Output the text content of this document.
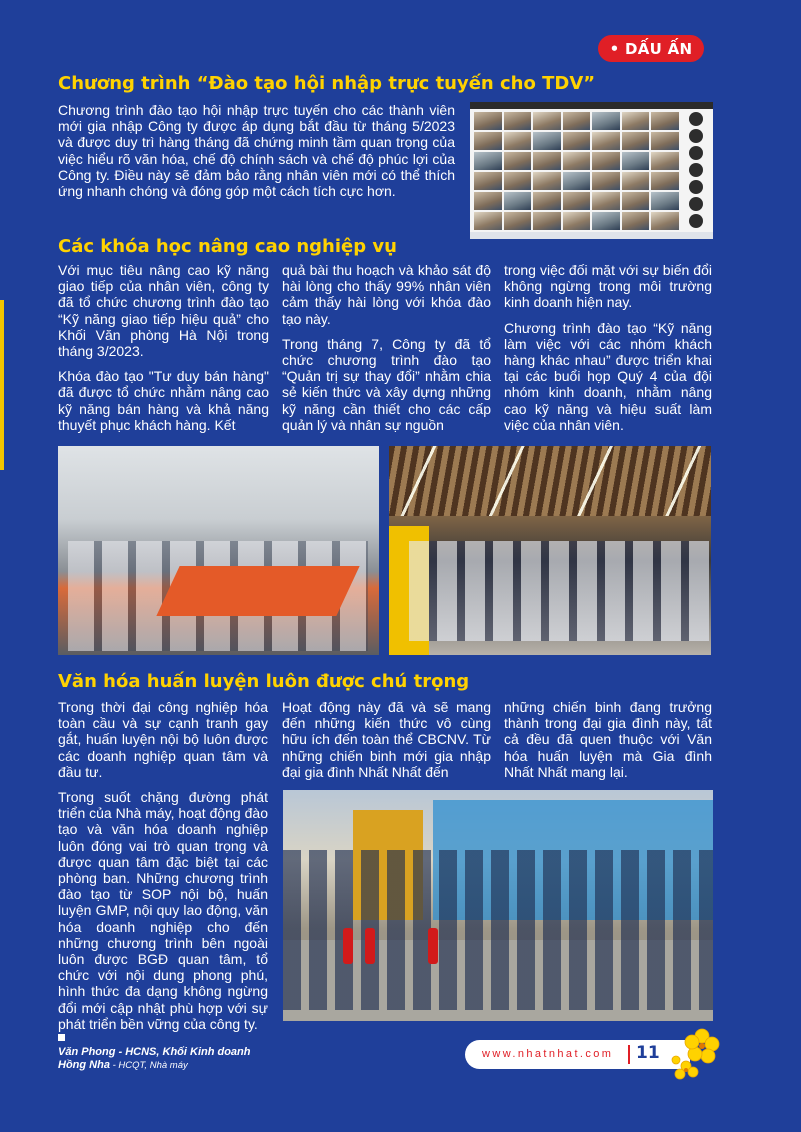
• DẤU ẤN
Chương trình “Đào tạo hội nhập trực tuyến cho TDV”

Chương trình đào tạo hội nhập trực tuyến cho các thành viên mới gia nhập Công ty được áp dụng bắt đầu từ tháng 5/2023 và được duy trì hàng tháng đã chứng minh tầm quan trọng của việc hiểu rõ văn hóa, chế độ chính sách và chế độ phúc lợi của Công ty. Điều này sẽ đảm bảo rằng nhân viên mới có thể thích ứng nhanh chóng và đóng góp một cách tích cực hơn.

Các khóa học nâng cao nghiệp vụ

Với mục tiêu nâng cao kỹ năng giao tiếp của nhân viên, công ty đã tổ chức chương trình đào tạo “Kỹ năng giao tiếp hiệu quả” cho Khối Văn phòng Hà Nội trong tháng 3/2023.

Khóa đào tạo "Tư duy bán hàng" đã được tổ chức nhằm nâng cao kỹ năng bán hàng và khả năng thuyết phục khách hàng. Kết

quả bài thu hoạch và khảo sát độ hài lòng cho thấy 99% nhân viên cảm thấy hài lòng với khóa đào tạo này.

Trong tháng 7, Công ty đã tổ chức chương trình đào tạo “Quản trị sự thay đổi” nhằm chia sẻ kiến thức và xây dựng những kỹ năng cần thiết cho các cấp quản lý và nhân sự nguồn

trong việc đối mặt với sự biến đổi không ngừng trong môi trường kinh doanh hiện nay.

Chương trình đào tạo “Kỹ năng làm việc với các nhóm khách hàng khác nhau” được triển khai tại các buổi họp Quý 4 của đội nhóm kinh doanh, nhằm nâng cao kỹ năng và hiệu suất làm việc của nhân viên.

Văn hóa huấn luyện luôn được chú trọng

Trong thời đại công nghiệp hóa toàn cầu và sự cạnh tranh gay gắt, huấn luyện nội bộ luôn được các doanh nghiệp quan tâm và đầu tư.

Trong suốt chặng đường phát triển của Nhà máy, hoạt động đào tạo và văn hóa doanh nghiệp luôn đóng vai trò quan trọng và được quan tâm đặc biệt tại các phòng ban. Những chương trình đào tạo từ SOP nội bộ, huấn luyện GMP, nội quy lao động, văn hóa doanh nghiệp cho đến những chương trình bên ngoài luôn được BGĐ quan tâm, tổ chức với nội dung phong phú, hình thức đa dạng không ngừng đổi mới cập nhật phù hợp với sự phát triển bền vững của công ty.

Hoạt động này đã và sẽ mang đến những kiến thức vô cùng hữu ích đến toàn thể CBCNV. Từ những chiến binh mới gia nhập đại gia đình Nhất Nhất đến

những chiến binh đang trưởng thành trong đại gia đình này, tất cả đều đã quen thuộc với Văn hóa huấn luyện mà Gia đình Nhất Nhất mang lại.

Văn Phong - HCNS, Khối Kinh doanh
Hồng Nha - HCQT, Nhà máy
www.nhatnhat.com 11
